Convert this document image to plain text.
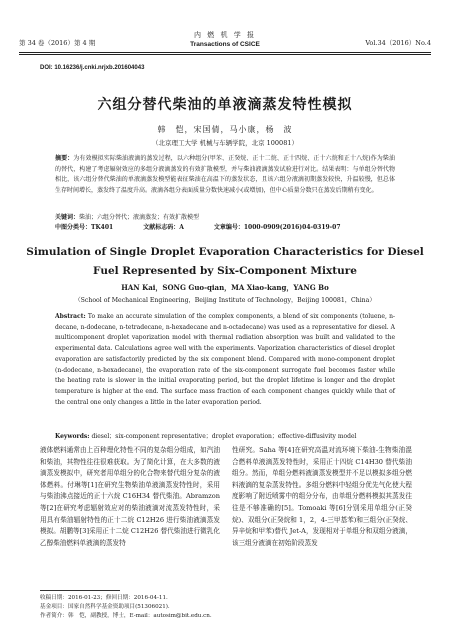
第 34 卷（2016）第 4 期
内 燃 机 学 报
Transactions of CSICE	Vol.34（2016）No.4
DOI: 10.16236/j.cnki.nrjxb.201604043
六组分替代柴油的单液滴蒸发特性模拟
韩　恺，宋国倩，马小康，杨　波
（北京理工大学 机械与车辆学院，北京 100081）
摘要：为有效模拟实际柴油液滴的蒸发过程，以六种组分(甲苯、正癸烷、正十二烷、正十四烷、正十六烷和正十八烷)作为柴油的替代，构建了考虑辐射效应的多组分液滴蒸发的有效扩散模型，并与柴油液滴蒸发试验进行对比。结果表明：与单组分替代物相比，该六组分替代柴油的单液滴蒸发模型能表征柴油在高温下的蒸发状态，且该六组分液滴初期蒸发较快，升温较慢，但总体生存时间增长，蒸发终了温度升高。液滴各组分表面质量分数快速减小(或增加)，但中心质量分数只在蒸发后期稍有变化。
关键词：柴油；六组分替代；液滴蒸发；有效扩散模型
中图分类号：TK401	文献标志码：A	文章编号：1000-0909(2016)04-0319-07
Simulation of Single Droplet Evaporation Characteristics for Diesel
Fuel Represented by Six-Component Mixture
HAN Kai，SONG Guo-qian，MA Xiao-kang，YANG Bo
（School of Mechanical Engineering，Beijing Institute of Technology，Beijing 100081，China）
Abstract: To make an accurate simulation of the complex components, a blend of six components (toluene, n-decane, n-dodecane, n-tetradecane, n-hexadecane and n-octadecane) was used as a representative for diesel. A multicomponent droplet vaporization model with thermal radiation absorption was built and validated to the experimental data. Calculations agree well with the experiments. Vaporization characteristics of diesel droplet evaporation are satisfactorily predicted by the six component blend. Compared with mono-component droplet (n-dodecane, n-hexadecane), the evaporation rate of the six-component surrogate fuel becomes faster while the heating rate is slower in the initial evaporating period, but the droplet lifetime is longer and the droplet temperature is higher at the end. The surface mass fraction of each component changes quickly while that of the central one only changes a little in the later evaporation period.
Keywords: diesel；six-component representative；droplet evaporation；effective-diffusivity model
液体燃料通常由上百种理化特性不同的复杂组分组成，如汽油和柴油，其物性往往很难获取。为了简化计算，在大多数的液滴蒸发模拟中，研究者用单组分的化合物来替代组分复杂的液体燃料。付琳等[1]在研究生物柴油单液滴蒸发特性时，采用与柴油沸点接近的正十六烷 C16H34 替代柴油。Abramzon 等[2]在研究考虑辐射效应对的柴油液滴对流蒸发特性时，采用具有柴油辐射特性的正十二烷 C12H26 进行柴油液滴蒸发模拟。胡鹏等[3]采用正十二烷 C12H26 替代柴油进行微乳化乙醇柴油燃料单液滴的蒸发特
性研究。Saha 等[4]在研究高温对流环境下柴油-生物柴油混合燃料单液滴蒸发特性时，采用正十四烷 C14H30 替代柴油组分。然而，单组分燃料液滴蒸发模型并不足以模拟多组分燃料液滴的复杂蒸发特性。多组分燃料中轻组分优先气化使大程度影响了附近喷雾中的组分分布，由单组分燃料模拟其蒸发往往是不够准确的[5]。Tomoaki 等[6]分别采用单组分(正癸烷)、双组分(正癸烷和 1，2，4-三甲基苯)和三组分(正癸烷、异辛烷和甲苯)替代 Jet-A，发现相对于单组分和双组分液滴，该三组分液滴在初始阶段蒸发
收稿日期：2016-01-23；修回日期：2016-04-11.
基金项目：国家自然科学基金资助项目(51306021).
作者简介：韩　恺，副教授，博士，E-mail：autosim@bit.edu.cn.
